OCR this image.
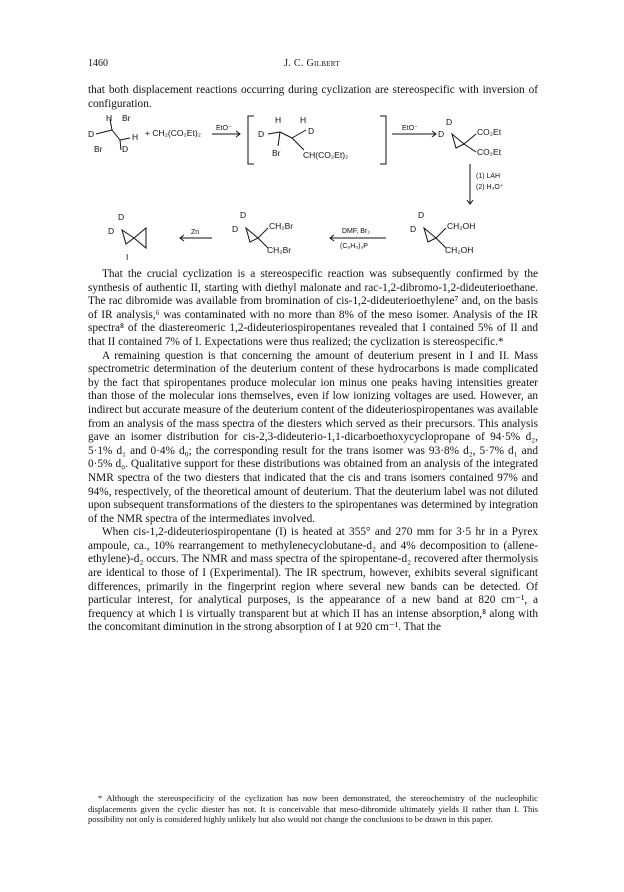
1460	J. C. Gilbert

that both displacement reactions occurring during cyclization are stereospecific with inversion of configuration.

D
H Br
Br D
H + CH₂(CO₂Et)₂ EtO⁻
D
H H
D
Br	CH(CO₂Et)₂
EtO⁻
D
D
CO₂Et
CO₂Et
(1) LAH
(2) H₃O⁺
D
D
I
Zn	D
D
CH₂Br
CH₂Br
DMF, Br₂
(C₆H₅)₃P
D
D
CH₂OH
CH₂OH

That the crucial cyclization is a stereospecific reaction was subsequently confirmed by the synthesis of authentic II, starting with diethyl malonate and rac-1,2-dibromo-1,2-dideuterioethane. The rac dibromide was available from bromination of cis-1,2-dideuterioethylene⁷ and, on the basis of IR analysis,⁶ was contaminated with no more than 8% of the meso isomer. Analysis of the IR spectra⁸ of the diastereomeric 1,2-dideuteriospiropentanes revealed that I contained 5% of II and that II contained 7% of I. Expectations were thus realized; the cyclization is stereospecific.*

A remaining question is that concerning the amount of deuterium present in I and II. Mass spectrometric determination of the deuterium content of these hydrocarbons is made complicated by the fact that spiropentanes produce molecular ion minus one peaks having intensities greater than those of the molecular ions themselves, even if low ionizing voltages are used. However, an indirect but accurate measure of the deuterium content of the dideuteriospiropentanes was available from an analysis of the mass spectra of the diesters which served as their precursors. This analysis gave an isomer distribution for cis-2,3-dideuterio-1,1-dicarboethoxycyclopropane of 94·5% d₂, 5·1% d₁ and 0·4% d₀; the corresponding result for the trans isomer was 93·8% d₂, 5·7% d₁ and 0·5% d₀. Qualitative support for these distributions was obtained from an analysis of the integrated NMR spectra of the two diesters that indicated that the cis and trans isomers contained 97% and 94%, respectively, of the theoretical amount of deuterium. That the deuterium label was not diluted upon subsequent transformations of the diesters to the spiropentanes was determined by integration of the NMR spectra of the intermediates involved.

When cis-1,2-dideuteriospiropentane (I) is heated at 355° and 270 mm for 3·5 hr in a Pyrex ampoule, ca., 10% rearrangement to methylenecyclobutane-d₂ and 4% decomposition to (allene-ethylene)-d₂ occurs. The NMR and mass spectra of the spiropentane-d₂ recovered after thermolysis are identical to those of I (Experimental). The IR spectrum, however, exhibits several significant differences, primarily in the fingerprint region where several new bands can be detected. Of particular interest, for analytical purposes, is the appearance of a new band at 820 cm⁻¹, a frequency at which I is virtually transparent but at which II has an intense absorption,⁸ along with the concomitant diminution in the strong absorption of I at 920 cm⁻¹. That the

* Although the stereospecificity of the cyclization has now been demonstrated, the stereochemistry of the nucleophilic displacements given the cyclic diester has not. It is conceivable that meso-dibromide ultimately yields II rather than I. This possibility not only is considered highly unlikely but also would not change the conclusions to be drawn in this paper.
